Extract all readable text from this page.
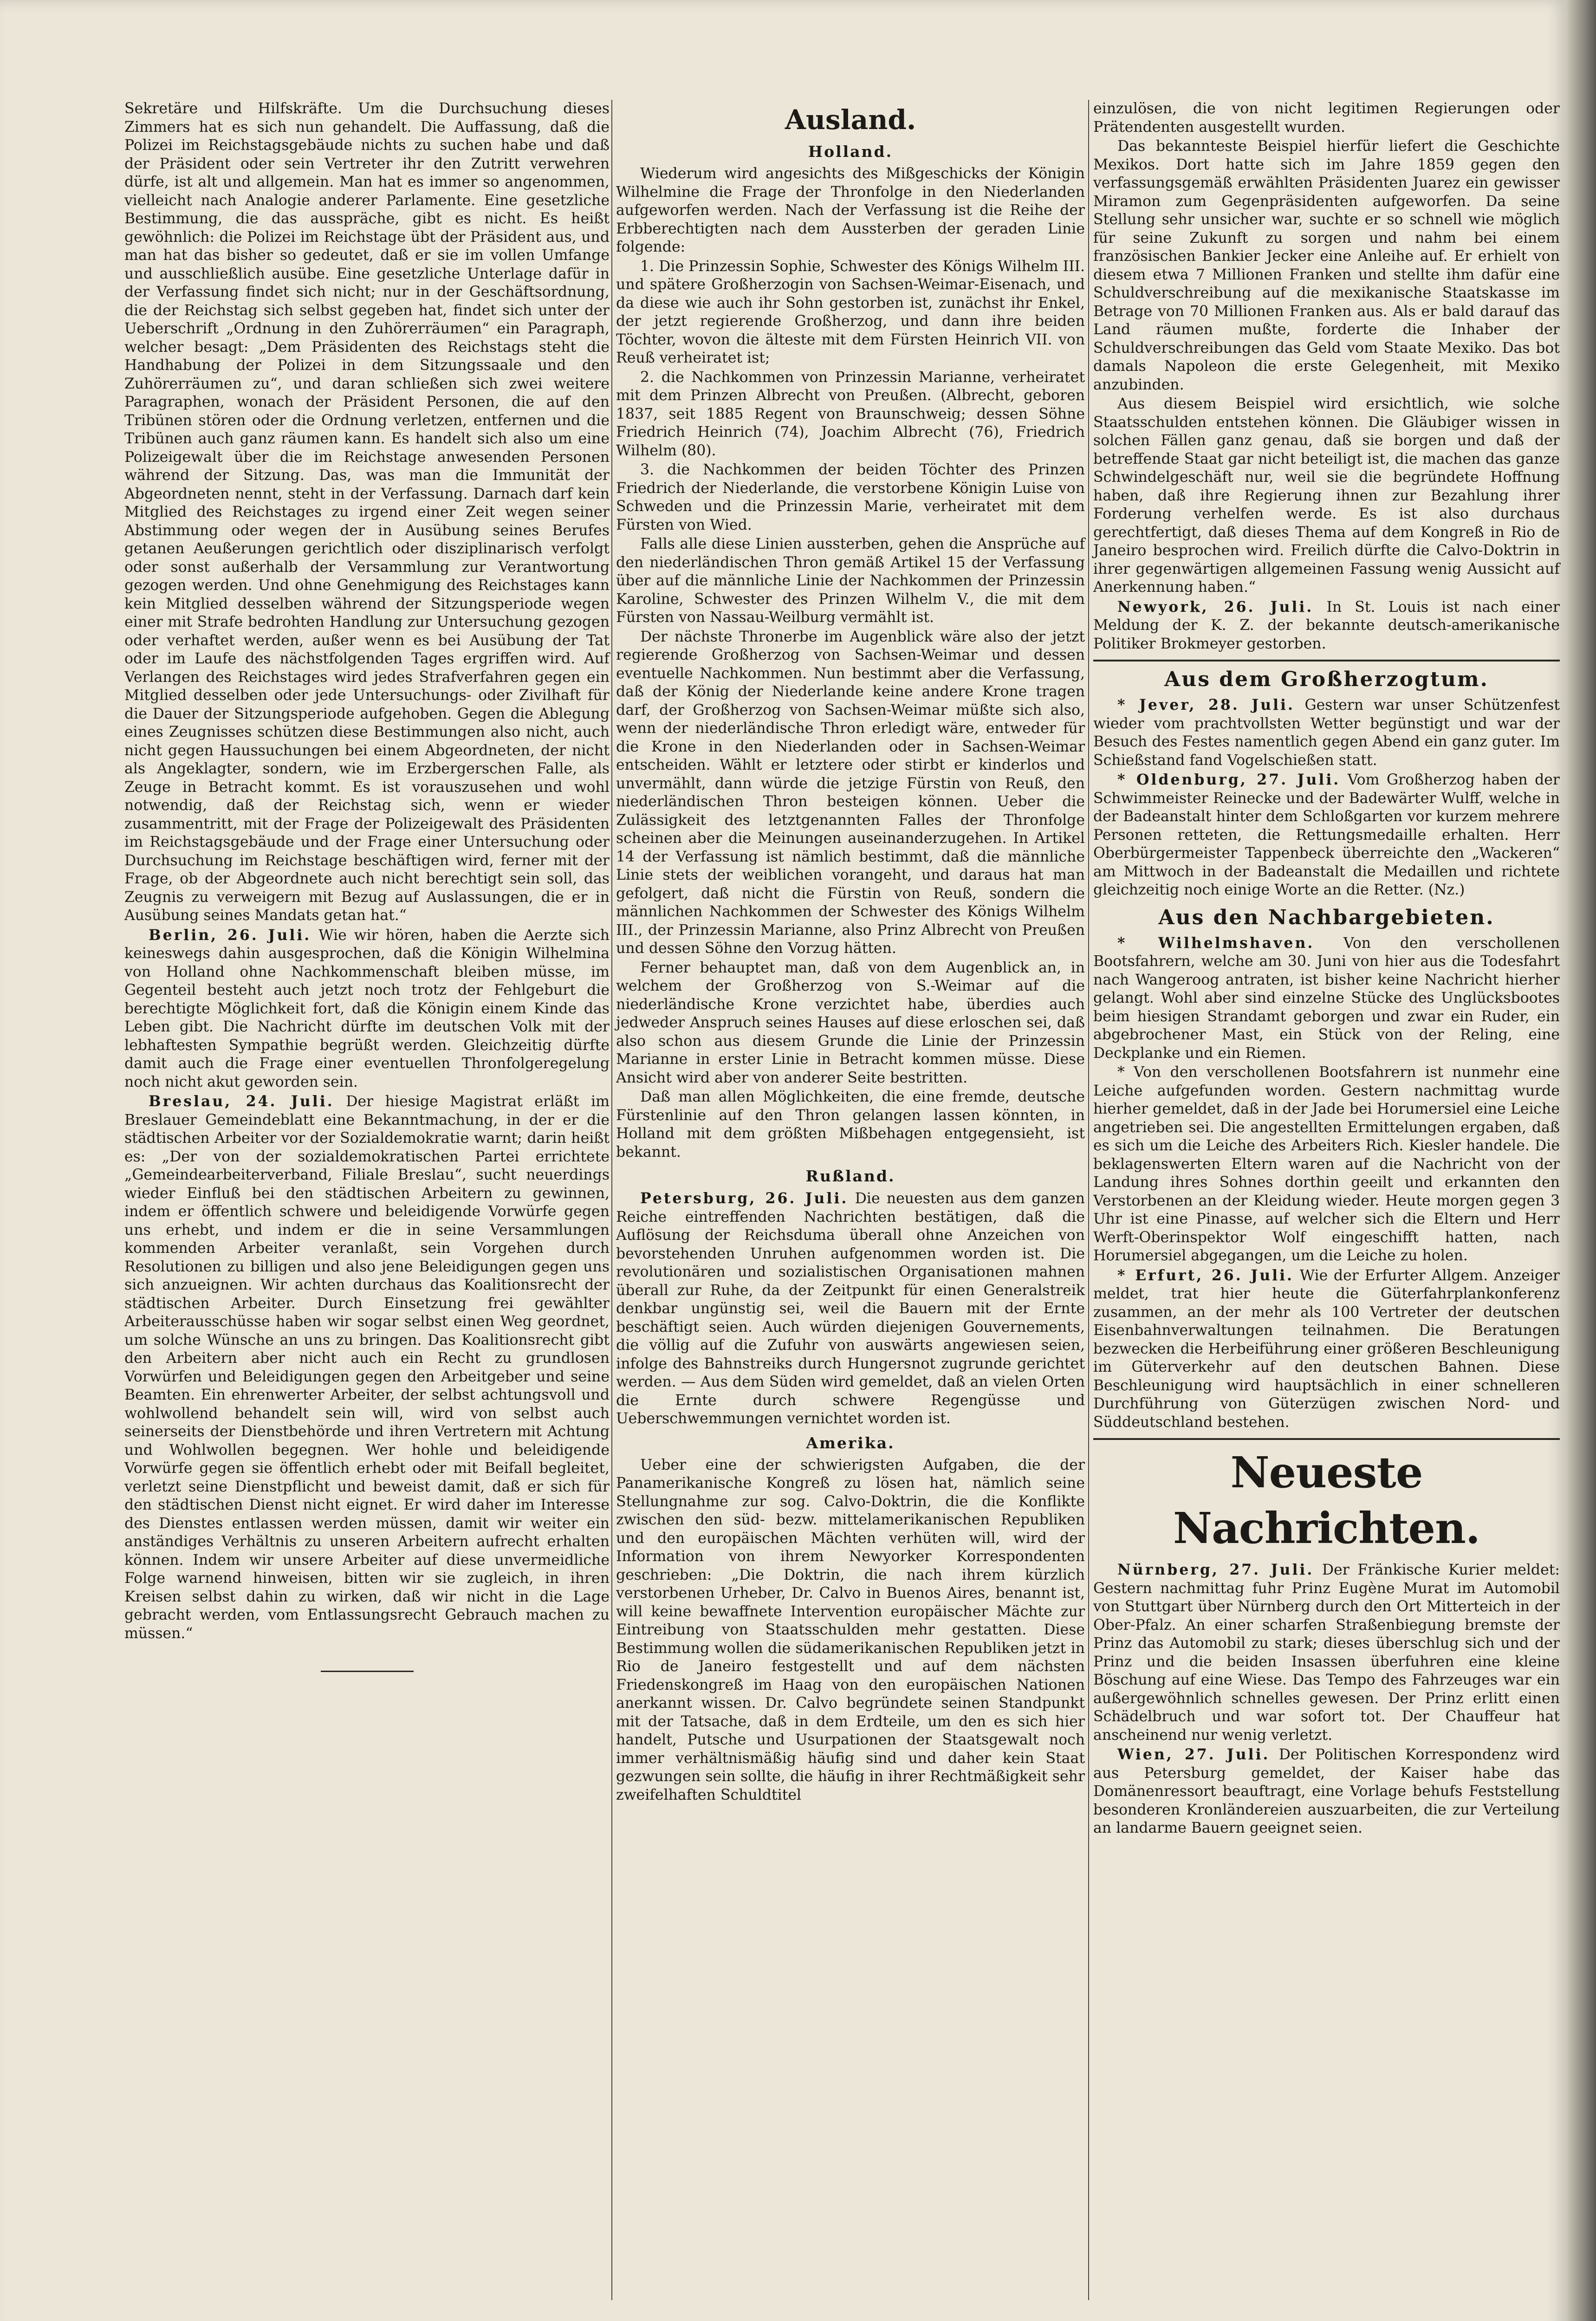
Sekretäre und Hilfskräfte. Um die Durchsuchung dieses Zimmers hat es sich nun gehandelt. Die Auffassung, daß die Polizei im Reichstagsgebäude nichts zu suchen habe und daß der Präsident oder sein Vertreter ihr den Zutritt verwehren dürfe, ist alt und allgemein. Man hat es immer so angenommen, vielleicht nach Analogie anderer Parlamente. Eine gesetzliche Bestimmung, die das ausspräche, gibt es nicht. Es heißt gewöhnlich: die Polizei im Reichstage übt der Präsident aus, und man hat das bisher so gedeutet, daß er sie im vollen Umfange und ausschließlich ausübe. Eine gesetzliche Unterlage dafür in der Verfassung findet sich nicht; nur in der Geschäftsordnung, die der Reichstag sich selbst gegeben hat, findet sich unter der Ueberschrift „Ordnung in den Zuhörerräumen“ ein Paragraph, welcher besagt: „Dem Präsidenten des Reichstags steht die Handhabung der Polizei in dem Sitzungssaale und den Zuhörerräumen zu“, und daran schließen sich zwei weitere Paragraphen, wonach der Präsident Personen, die auf den Tribünen stören oder die Ordnung verletzen, entfernen und die Tribünen auch ganz räumen kann. Es handelt sich also um eine Polizeigewalt über die im Reichstage anwesenden Personen während der Sitzung. Das, was man die Immunität der Abgeordneten nennt, steht in der Verfassung. Darnach darf kein Mitglied des Reichstages zu irgend einer Zeit wegen seiner Abstimmung oder wegen der in Ausübung seines Berufes getanen Aeußerungen gerichtlich oder disziplinarisch verfolgt oder sonst außerhalb der Versammlung zur Verantwortung gezogen werden. Und ohne Genehmigung des Reichstages kann kein Mitglied desselben während der Sitzungsperiode wegen einer mit Strafe bedrohten Handlung zur Untersuchung gezogen oder verhaftet werden, außer wenn es bei Ausübung der Tat oder im Laufe des nächstfolgenden Tages ergriffen wird. Auf Verlangen des Reichstages wird jedes Strafverfahren gegen ein Mitglied desselben oder jede Untersuchungs- oder Zivilhaft für die Dauer der Sitzungsperiode aufgehoben. Gegen die Ablegung eines Zeugnisses schützen diese Bestimmungen also nicht, auch nicht gegen Haussuchungen bei einem Abgeordneten, der nicht als Angeklagter, sondern, wie im Erzbergerschen Falle, als Zeuge in Betracht kommt. Es ist vorauszusehen und wohl notwendig, daß der Reichstag sich, wenn er wieder zusammentritt, mit der Frage der Polizeigewalt des Präsidenten im Reichstagsgebäude und der Frage einer Untersuchung oder Durchsuchung im Reichstage beschäftigen wird, ferner mit der Frage, ob der Abgeordnete auch nicht berechtigt sein soll, das Zeugnis zu verweigern mit Bezug auf Auslassungen, die er in Ausübung seines Mandats getan hat.“

Berlin, 26. Juli. Wie wir hören, haben die Aerzte sich keineswegs dahin ausgesprochen, daß die Königin Wilhelmina von Holland ohne Nachkommenschaft bleiben müsse, im Gegenteil besteht auch jetzt noch trotz der Fehlgeburt die berechtigte Möglichkeit fort, daß die Königin einem Kinde das Leben gibt. Die Nachricht dürfte im deutschen Volk mit der lebhaftesten Sympathie begrüßt werden. Gleichzeitig dürfte damit auch die Frage einer eventuellen Thronfolgeregelung noch nicht akut geworden sein.

Breslau, 24. Juli. Der hiesige Magistrat erläßt im Breslauer Gemeindeblatt eine Bekanntmachung, in der er die städtischen Arbeiter vor der Sozialdemokratie warnt; darin heißt es: „Der von der sozialdemokratischen Partei errichtete „Gemeindearbeiterverband, Filiale Breslau“, sucht neuerdings wieder Einfluß bei den städtischen Arbeitern zu gewinnen, indem er öffentlich schwere und beleidigende Vorwürfe gegen uns erhebt, und indem er die in seine Versammlungen kommenden Arbeiter veranlaßt, sein Vorgehen durch Resolutionen zu billigen und also jene Beleidigungen gegen uns sich anzueignen. Wir achten durchaus das Koalitionsrecht der städtischen Arbeiter. Durch Einsetzung frei gewählter Arbeiterausschüsse haben wir sogar selbst einen Weg geordnet, um solche Wünsche an uns zu bringen. Das Koalitionsrecht gibt den Arbeitern aber nicht auch ein Recht zu grundlosen Vorwürfen und Beleidigungen gegen den Arbeitgeber und seine Beamten. Ein ehrenwerter Arbeiter, der selbst achtungsvoll und wohlwollend behandelt sein will, wird von selbst auch seinerseits der Dienstbehörde und ihren Vertretern mit Achtung und Wohlwollen begegnen. Wer hohle und beleidigende Vorwürfe gegen sie öffentlich erhebt oder mit Beifall begleitet, verletzt seine Dienstpflicht und beweist damit, daß er sich für den städtischen Dienst nicht eignet. Er wird daher im Interesse des Dienstes entlassen werden müssen, damit wir weiter ein anständiges Verhältnis zu unseren Arbeitern aufrecht erhalten können. Indem wir unsere Arbeiter auf diese unvermeidliche Folge warnend hinweisen, bitten wir sie zugleich, in ihren Kreisen selbst dahin zu wirken, daß wir nicht in die Lage gebracht werden, vom Entlassungsrecht Gebrauch machen zu müssen.“

Ausland.
Holland.

Wiederum wird angesichts des Mißgeschicks der Königin Wilhelmine die Frage der Thronfolge in den Niederlanden aufgeworfen werden. Nach der Verfassung ist die Reihe der Erbberechtigten nach dem Aussterben der geraden Linie folgende:

1. Die Prinzessin Sophie, Schwester des Königs Wilhelm III. und spätere Großherzogin von Sachsen-Weimar-Eisenach, und da diese wie auch ihr Sohn gestorben ist, zunächst ihr Enkel, der jetzt regierende Großherzog, und dann ihre beiden Töchter, wovon die älteste mit dem Fürsten Heinrich VII. von Reuß verheiratet ist;

2. die Nachkommen von Prinzessin Marianne, verheiratet mit dem Prinzen Albrecht von Preußen. (Albrecht, geboren 1837, seit 1885 Regent von Braunschweig; dessen Söhne Friedrich Heinrich (74), Joachim Albrecht (76), Friedrich Wilhelm (80).

3. die Nachkommen der beiden Töchter des Prinzen Friedrich der Niederlande, die verstorbene Königin Luise von Schweden und die Prinzessin Marie, verheiratet mit dem Fürsten von Wied.

Falls alle diese Linien aussterben, gehen die Ansprüche auf den niederländischen Thron gemäß Artikel 15 der Verfassung über auf die männliche Linie der Nachkommen der Prinzessin Karoline, Schwester des Prinzen Wilhelm V., die mit dem Fürsten von Nassau-Weilburg vermählt ist.

Der nächste Thronerbe im Augenblick wäre also der jetzt regierende Großherzog von Sachsen-Weimar und dessen eventuelle Nachkommen. Nun bestimmt aber die Verfassung, daß der König der Niederlande keine andere Krone tragen darf, der Großherzog von Sachsen-Weimar müßte sich also, wenn der niederländische Thron erledigt wäre, entweder für die Krone in den Niederlanden oder in Sachsen-Weimar entscheiden. Wählt er letztere oder stirbt er kinderlos und unvermählt, dann würde die jetzige Fürstin von Reuß, den niederländischen Thron besteigen können. Ueber die Zulässigkeit des letztgenannten Falles der Thronfolge scheinen aber die Meinungen auseinanderzugehen. In Artikel 14 der Verfassung ist nämlich bestimmt, daß die männliche Linie stets der weiblichen vorangeht, und daraus hat man gefolgert, daß nicht die Fürstin von Reuß, sondern die männlichen Nachkommen der Schwester des Königs Wilhelm III., der Prinzessin Marianne, also Prinz Albrecht von Preußen und dessen Söhne den Vorzug hätten.

Ferner behauptet man, daß von dem Augenblick an, in welchem der Großherzog von S.-Weimar auf die niederländische Krone verzichtet habe, überdies auch jedweder Anspruch seines Hauses auf diese erloschen sei, daß also schon aus diesem Grunde die Linie der Prinzessin Marianne in erster Linie in Betracht kommen müsse. Diese Ansicht wird aber von anderer Seite bestritten.

Daß man allen Möglichkeiten, die eine fremde, deutsche Fürstenlinie auf den Thron gelangen lassen könnten, in Holland mit dem größten Mißbehagen entgegensieht, ist bekannt.

Rußland.

Petersburg, 26. Juli. Die neuesten aus dem ganzen Reiche eintreffenden Nachrichten bestätigen, daß die Auflösung der Reichsduma überall ohne Anzeichen von bevorstehenden Unruhen aufgenommen worden ist. Die revolutionären und sozialistischen Organisationen mahnen überall zur Ruhe, da der Zeitpunkt für einen Generalstreik denkbar ungünstig sei, weil die Bauern mit der Ernte beschäftigt seien. Auch würden diejenigen Gouvernements, die völlig auf die Zufuhr von auswärts angewiesen seien, infolge des Bahnstreiks durch Hungersnot zugrunde gerichtet werden. — Aus dem Süden wird gemeldet, daß an vielen Orten die Ernte durch schwere Regengüsse und Ueberschwemmungen vernichtet worden ist.

Amerika.

Ueber eine der schwierigsten Aufgaben, die der Panamerikanische Kongreß zu lösen hat, nämlich seine Stellungnahme zur sog. Calvo-Doktrin, die die Konflikte zwischen den süd- bezw. mittelamerikanischen Republiken und den europäischen Mächten verhüten will, wird der Information von ihrem Newyorker Korrespondenten geschrieben: „Die Doktrin, die nach ihrem kürzlich verstorbenen Urheber, Dr. Calvo in Buenos Aires, benannt ist, will keine bewaffnete Intervention europäischer Mächte zur Eintreibung von Staatsschulden mehr gestatten. Diese Bestimmung wollen die südamerikanischen Republiken jetzt in Rio de Janeiro festgestellt und auf dem nächsten Friedenskongreß im Haag von den europäischen Nationen anerkannt wissen. Dr. Calvo begründete seinen Standpunkt mit der Tatsache, daß in dem Erdteile, um den es sich hier handelt, Putsche und Usurpationen der Staatsgewalt noch immer verhältnismäßig häufig sind und daher kein Staat gezwungen sein sollte, die häufig in ihrer Rechtmäßigkeit sehr zweifelhaften Schuldtitel

einzulösen, die von nicht legitimen Regierungen oder Prätendenten ausgestellt wurden.

Das bekannteste Beispiel hierfür liefert die Geschichte Mexikos. Dort hatte sich im Jahre 1859 gegen den verfassungsgemäß erwählten Präsidenten Juarez ein gewisser Miramon zum Gegenpräsidenten aufgeworfen. Da seine Stellung sehr unsicher war, suchte er so schnell wie möglich für seine Zukunft zu sorgen und nahm bei einem französischen Bankier Jecker eine Anleihe auf. Er erhielt von diesem etwa 7 Millionen Franken und stellte ihm dafür eine Schuldverschreibung auf die mexikanische Staatskasse im Betrage von 70 Millionen Franken aus. Als er bald darauf das Land räumen mußte, forderte die Inhaber der Schuldverschreibungen das Geld vom Staate Mexiko. Das bot damals Napoleon die erste Gelegenheit, mit Mexiko anzubinden.

Aus diesem Beispiel wird ersichtlich, wie solche Staatsschulden entstehen können. Die Gläubiger wissen in solchen Fällen ganz genau, daß sie borgen und daß der betreffende Staat gar nicht beteiligt ist, die machen das ganze Schwindelgeschäft nur, weil sie die begründete Hoffnung haben, daß ihre Regierung ihnen zur Bezahlung ihrer Forderung verhelfen werde. Es ist also durchaus gerechtfertigt, daß dieses Thema auf dem Kongreß in Rio de Janeiro besprochen wird. Freilich dürfte die Calvo-Doktrin in ihrer gegenwärtigen allgemeinen Fassung wenig Aussicht auf Anerkennung haben.“

Newyork, 26. Juli. In St. Louis ist nach einer Meldung der K. Z. der bekannte deutsch-amerikanische Politiker Brokmeyer gestorben.

Aus dem Großherzogtum.

* Jever, 28. Juli. Gestern war unser Schützenfest wieder vom prachtvollsten Wetter begünstigt und war der Besuch des Festes namentlich gegen Abend ein ganz guter. Im Schießstand fand Vogelschießen statt.

* Oldenburg, 27. Juli. Vom Großherzog haben der Schwimmeister Reinecke und der Badewärter Wulff, welche in der Badeanstalt hinter dem Schloßgarten vor kurzem mehrere Personen retteten, die Rettungsmedaille erhalten. Herr Oberbürgermeister Tappenbeck überreichte den „Wackeren“ am Mittwoch in der Badeanstalt die Medaillen und richtete gleichzeitig noch einige Worte an die Retter. (Nz.)

Aus den Nachbargebieten.

* Wilhelmshaven. Von den verschollenen Bootsfahrern, welche am 30. Juni von hier aus die Todesfahrt nach Wangeroog antraten, ist bisher keine Nachricht hierher gelangt. Wohl aber sind einzelne Stücke des Unglücksbootes beim hiesigen Strandamt geborgen und zwar ein Ruder, ein abgebrochener Mast, ein Stück von der Reling, eine Deckplanke und ein Riemen.

* Von den verschollenen Bootsfahrern ist nunmehr eine Leiche aufgefunden worden. Gestern nachmittag wurde hierher gemeldet, daß in der Jade bei Horumersiel eine Leiche angetrieben sei. Die angestellten Ermittelungen ergaben, daß es sich um die Leiche des Arbeiters Rich. Kiesler handele. Die beklagenswerten Eltern waren auf die Nachricht von der Landung ihres Sohnes dorthin geeilt und erkannten den Verstorbenen an der Kleidung wieder. Heute morgen gegen 3 Uhr ist eine Pinasse, auf welcher sich die Eltern und Herr Werft-Oberinspektor Wolf eingeschifft hatten, nach Horumersiel abgegangen, um die Leiche zu holen.

* Erfurt, 26. Juli. Wie der Erfurter Allgem. Anzeiger meldet, trat hier heute die Güterfahrplankonferenz zusammen, an der mehr als 100 Vertreter der deutschen Eisenbahnverwaltungen teilnahmen. Die Beratungen bezwecken die Herbeiführung einer größeren Beschleunigung im Güterverkehr auf den deutschen Bahnen. Diese Beschleunigung wird hauptsächlich in einer schnelleren Durchführung von Güterzügen zwischen Nord- und Süddeutschland bestehen.

Neueste Nachrichten.

Nürnberg, 27. Juli. Der Fränkische Kurier meldet: Gestern nachmittag fuhr Prinz Eugène Murat im Automobil von Stuttgart über Nürnberg durch den Ort Mitterteich in der Ober-Pfalz. An einer scharfen Straßenbiegung bremste der Prinz das Automobil zu stark; dieses überschlug sich und der Prinz und die beiden Insassen überfuhren eine kleine Böschung auf eine Wiese. Das Tempo des Fahrzeuges war ein außergewöhnlich schnelles gewesen. Der Prinz erlitt einen Schädelbruch und war sofort tot. Der Chauffeur hat anscheinend nur wenig verletzt.

Wien, 27. Juli. Der Politischen Korrespondenz wird aus Petersburg gemeldet, der Kaiser habe das Domänenressort beauftragt, eine Vorlage behufs Feststellung besonderen Kronländereien auszuarbeiten, die zur Verteilung an landarme Bauern geeignet seien.
